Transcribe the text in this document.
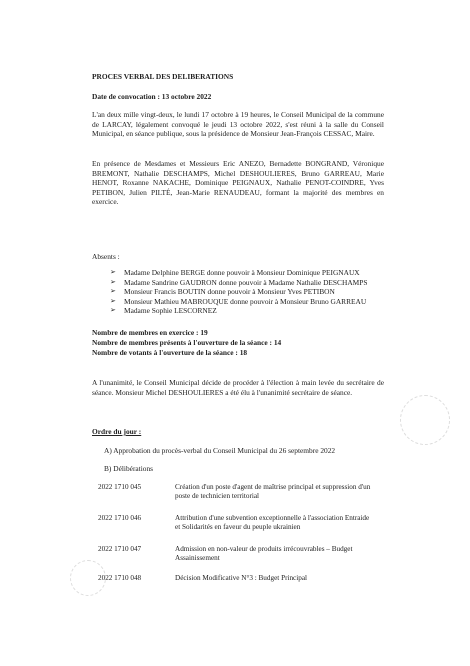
PROCES VERBAL DES DELIBERATIONS
Date de convocation : 13 octobre 2022
L'an deux mille vingt-deux, le lundi 17 octobre à 19 heures, le Conseil Municipal de la commune de LARCAY, légalement convoqué le jeudi 13 octobre 2022, s'est réuni à la salle du Conseil Municipal, en séance publique, sous la présidence de Monsieur Jean-François CESSAC, Maire.
En présence de Mesdames et Messieurs Eric ANEZO, Bernadette BONGRAND, Véronique BREMONT, Nathalie DESCHAMPS, Michel DESHOULIERES, Bruno GARREAU, Marie HENOT, Roxanne NAKACHE, Dominique PEIGNAUX, Nathalie PENOT-COINDRE, Yves PETIBON, Julien PILTÉ, Jean-Marie RENAUDEAU, formant la majorité des membres en exercice.
Absents :
➢ Madame Delphine BERGE donne pouvoir à Monsieur Dominique PEIGNAUX
➢ Madame Sandrine GAUDRON donne pouvoir à Madame Nathalie DESCHAMPS
➢ Monsieur Francis BOUTIN donne pouvoir à Monsieur Yves PETIBON
➢ Monsieur Mathieu MABROUQUE donne pouvoir à Monsieur Bruno GARREAU
➢ Madame Sophie LESCORNEZ
Nombre de membres en exercice : 19
Nombre de membres présents à l'ouverture de la séance : 14
Nombre de votants à l'ouverture de la séance : 18
A l'unanimité, le Conseil Municipal décide de procéder à l'élection à main levée du secrétaire de séance. Monsieur Michel DESHOULIERES a été élu à l'unanimité secrétaire de séance.
Ordre du jour :
A) Approbation du procès-verbal du Conseil Municipal du 26 septembre 2022
B) Délibérations
2022 1710 045	Création d'un poste d'agent de maîtrise principal et suppression d'un poste de technicien territorial
2022 1710 046	Attribution d'une subvention exceptionnelle à l'association Entraide et Solidarités en faveur du peuple ukrainien
2022 1710 047	Admission en non-valeur de produits irrécouvrables – Budget Assainissement
2022 1710 048	Décision Modificative N°3 : Budget Principal
